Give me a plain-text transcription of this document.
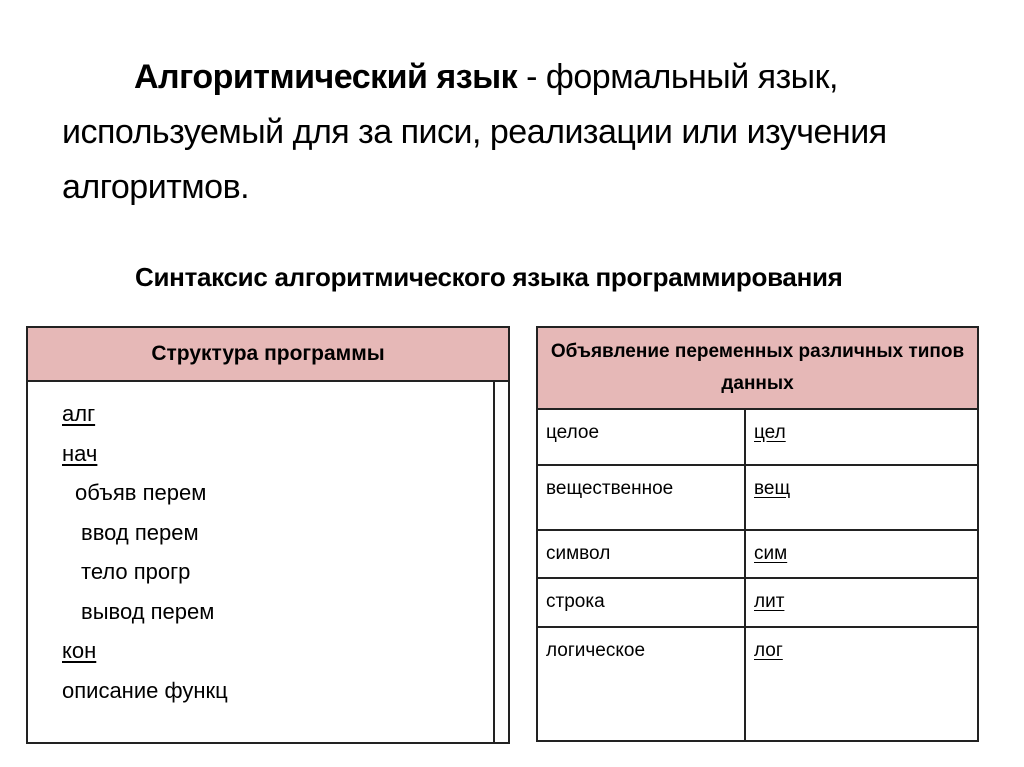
Алгоритмический язык - формальный язык, используемый для за писи, реализации или изучения алгоритмов.
Синтаксис алгоритмического языка программирования
Структура программы
алг
нач
объяв перем
ввод перем
тело прогр
вывод перем
кон
описание функц
Объявление переменных различных типов данных	
целое	цел
вещественное	вещ
символ	сим
строка	лит
логическое	лог
